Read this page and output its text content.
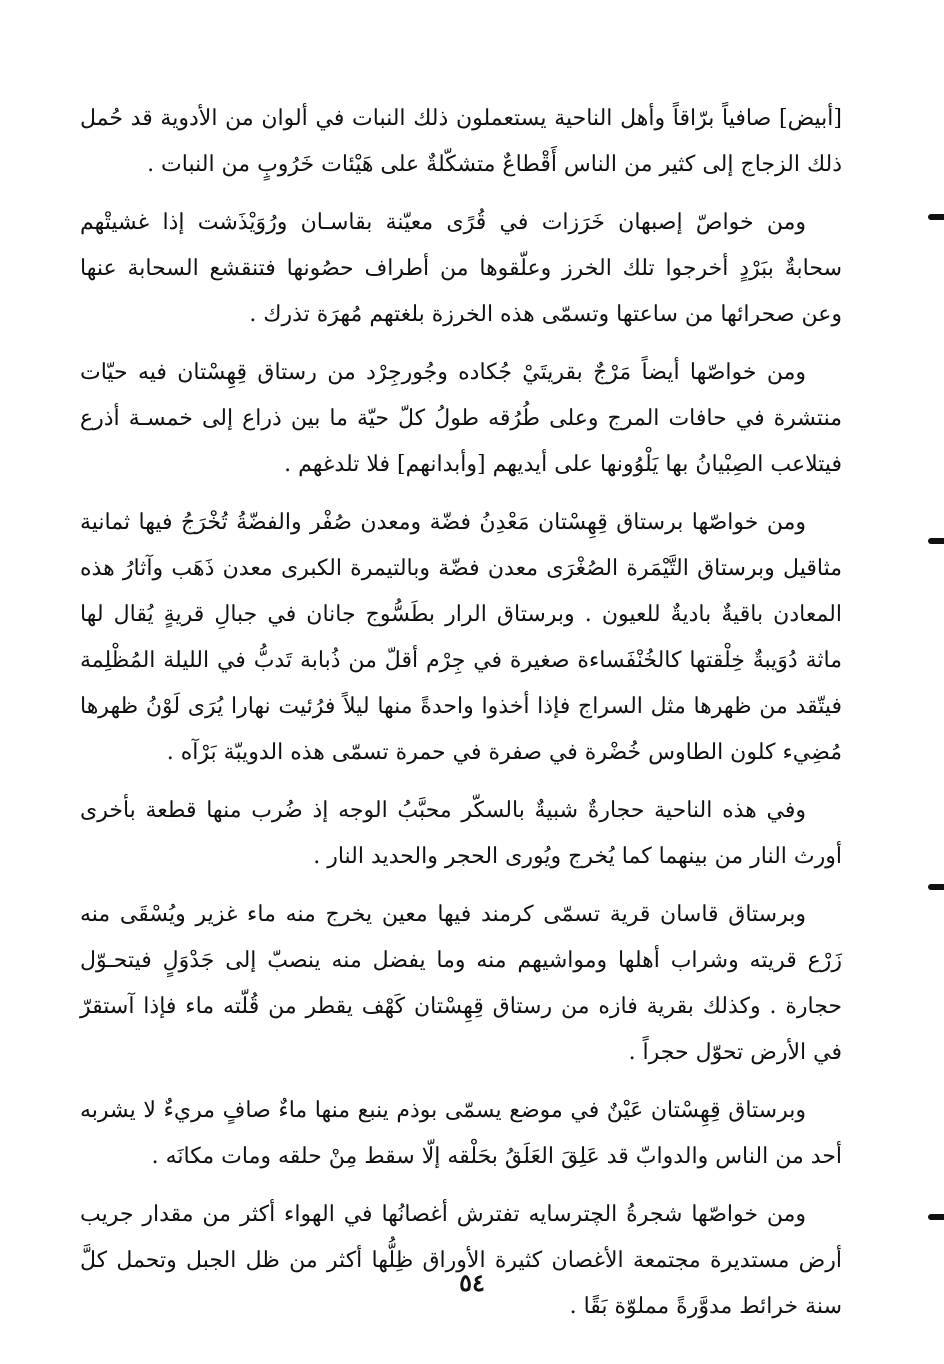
[أبيض] صافياً برّاقاً وأهل الناحية يستعملون ذلك النبات في ألوان من الأدوية قد حُمل ذلك الزجاج إلى كثير من الناس أَقْطاعٌ متشكّلةٌ على هَيْئات خَرُوبٍ من النبات .

ومن خواصّ إصبهان خَرَزات في قُرًى معيّنة بقاسـان ورُوَيْذَشت إذا غشيتْهم سحابةٌ ببَرْدٍ أخرجوا تلك الخرز وعلّقوها من أطراف حصُونها فتنقشع السحابة عنها وعن صحرائها من ساعتها وتسمّى هذه الخرزة بلغتهم مُهرَة تذرك .

ومن خواصّها أيضاً مَرْجٌ بقريتَيْ جُكاده وجُورجِرْد من رستاق قِهِسْتان فيه حيّات منتشرة في حافات المرج وعلى طُرُقه طولُ كلّ حيّة ما بين ذراع إلى خمسـة أذرع فيتلاعب الصِبْيانُ بها يَلْوُونها على أيديهم [وأبدانهم] فلا تلدغهم .

ومن خواصّها برستاق قِهِسْتان مَعْدِنُ فضّة ومعدن صُفْر والفضّةُ تُخْرَجُ فيها ثمانية مثاقيل وبرستاق التَّيْمَرة الصُغْرَى معدن فضّة وبالتيمرة الكبرى معدن ذَهَب وآثارُ هذه المعادن باقيةٌ باديةٌ للعيون . وبرستاق الرار بطَسُّوج جانان في جبالِ قريةٍ يُقال لها ماثة دُوَيبةٌ خِلْقتها كالخُنْفَساءة صغيرة في جِرْم أقلّ من ذُبابة تَدبُّ في الليلة المُظْلِمة فيتّقد من ظهرها مثل السراج فإذا أخذوا واحدةً منها ليلاً فرُئيت نهارا يُرَى لَوْنُ ظهرها مُضِيء كلون الطاوس خُضْرة في صفرة في حمرة تسمّى هذه الدويبّة بَرْآه .

وفي هذه الناحية حجارةٌ شبيةٌ بالسكّر محبَّبُ الوجه إذ ضُرب منها قطعة بأخرى أورث النار من بينهما كما يُخرج ويُورى الحجر والحديد النار .

وبرستاق قاسان قرية تسمّى كرمند فيها معين يخرج منه ماء غزير ويُسْقَى منه زَرْع قريته وشراب أهلها ومواشيهم منه وما يفضل منه ينصبّ إلى جَدْوَلٍ فيتحـوّل حجارة . وكذلك بقرية فازه من رستاق قِهِسْتان كَهْف يقطر من قُلّته ماء فإذا آستقرّ في الأرض تحوّل حجراً .

وبرستاق قِهِسْتان عَيْنٌ في موضع يسمّى بوذم ينبع منها ماءٌ صافٍ مريءٌ لا يشربه أحد من الناس والدوابّ قد عَلِقَ العَلَقُ بحَلْقه إلّا سقط مِنْ حلقه ومات مكانَه .

ومن خواصّها شجرةُ الچترسايه تفترش أغصانُها في الهواء أكثر من مقدار جريب أرض مستديرة مجتمعة الأغصان كثيرة الأوراق ظِلُّها أكثر من ظل الجبل وتحمل كلَّ سنة خرائط مدوَّرةً مملوّة بَقًا .

٥٤
